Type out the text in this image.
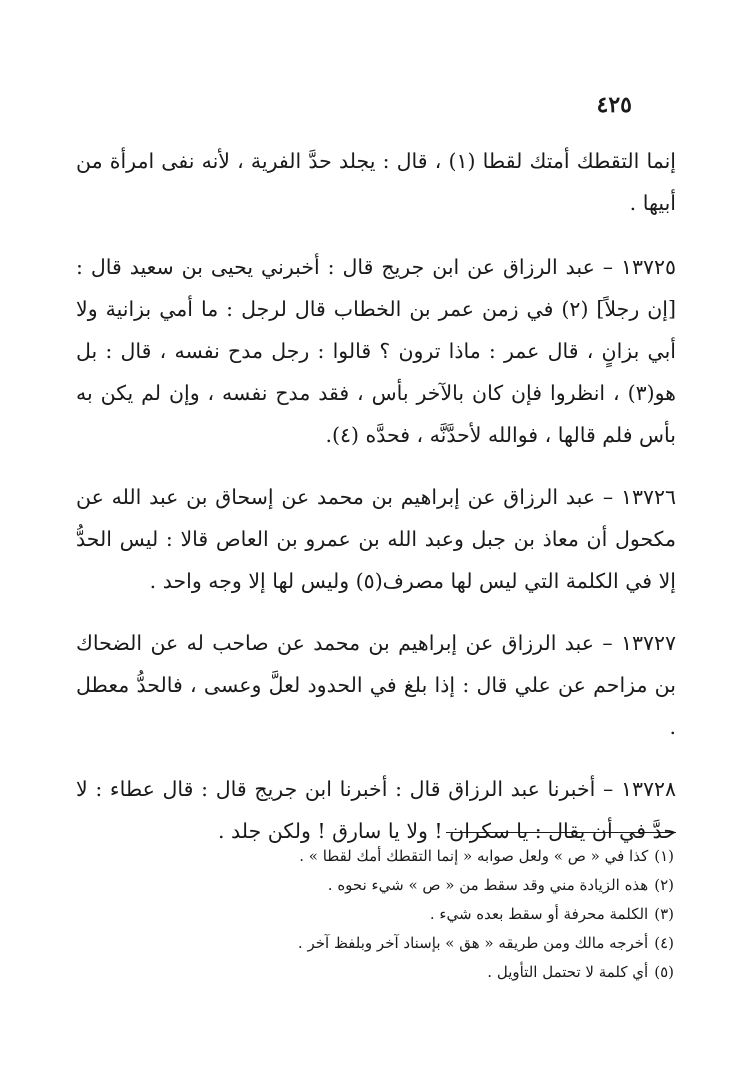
٤٢٥

إنما التقطك أمتك لقطا (١) ، قال : يجلد حدَّ الفرية ، لأنه نفى امرأة من أبيها .

١٣٧٢٥ – عبد الرزاق عن ابن جريج قال : أخبرني يحيى بن سعيد قال : [إن رجلاً] (٢) في زمن عمر بن الخطاب قال لرجل : ما أمي بزانية ولا أبي بزانٍ ، قال عمر : ماذا ترون ؟ قالوا : رجل مدح نفسه ، قال : بل هو(٣) ، انظروا فإن كان بالآخر بأس ، فقد مدح نفسه ، وإن لم يكن به بأس فلم قالها ، فوالله لأحدَّنَّه ، فحدَّه (٤).

١٣٧٢٦ – عبد الرزاق عن إبراهيم بن محمد عن إسحاق بن عبد الله عن مكحول أن معاذ بن جبل وعبد الله بن عمرو بن العاص قالا : ليس الحدُّ إلا في الكلمة التي ليس لها مصرف(٥) وليس لها إلا وجه واحد .

١٣٧٢٧ – عبد الرزاق عن إبراهيم بن محمد عن صاحب له عن الضحاك بن مزاحم عن علي قال : إذا بلغ في الحدود لعلَّ وعسى ، فالحدُّ معطل .

١٣٧٢٨ – أخبرنا عبد الرزاق قال : أخبرنا ابن جريج قال : قال عطاء : لا حدَّ في أن يقال : يا سكران ! ولا يا سارق ! ولكن جلد .

(١)كذا في « ص » ولعل صوابه « إنما التقطك أمك لقطا » .

(٢)هذه الزيادة مني وقد سقط من « ص » شيء نحوه .

(٣)الكلمة محرفة أو سقط بعده شيء .

(٤)أخرجه مالك ومن طريقه « هق » بإسناد آخر وبلفظ آخر .

(٥)أي كلمة لا تحتمل التأويل .
